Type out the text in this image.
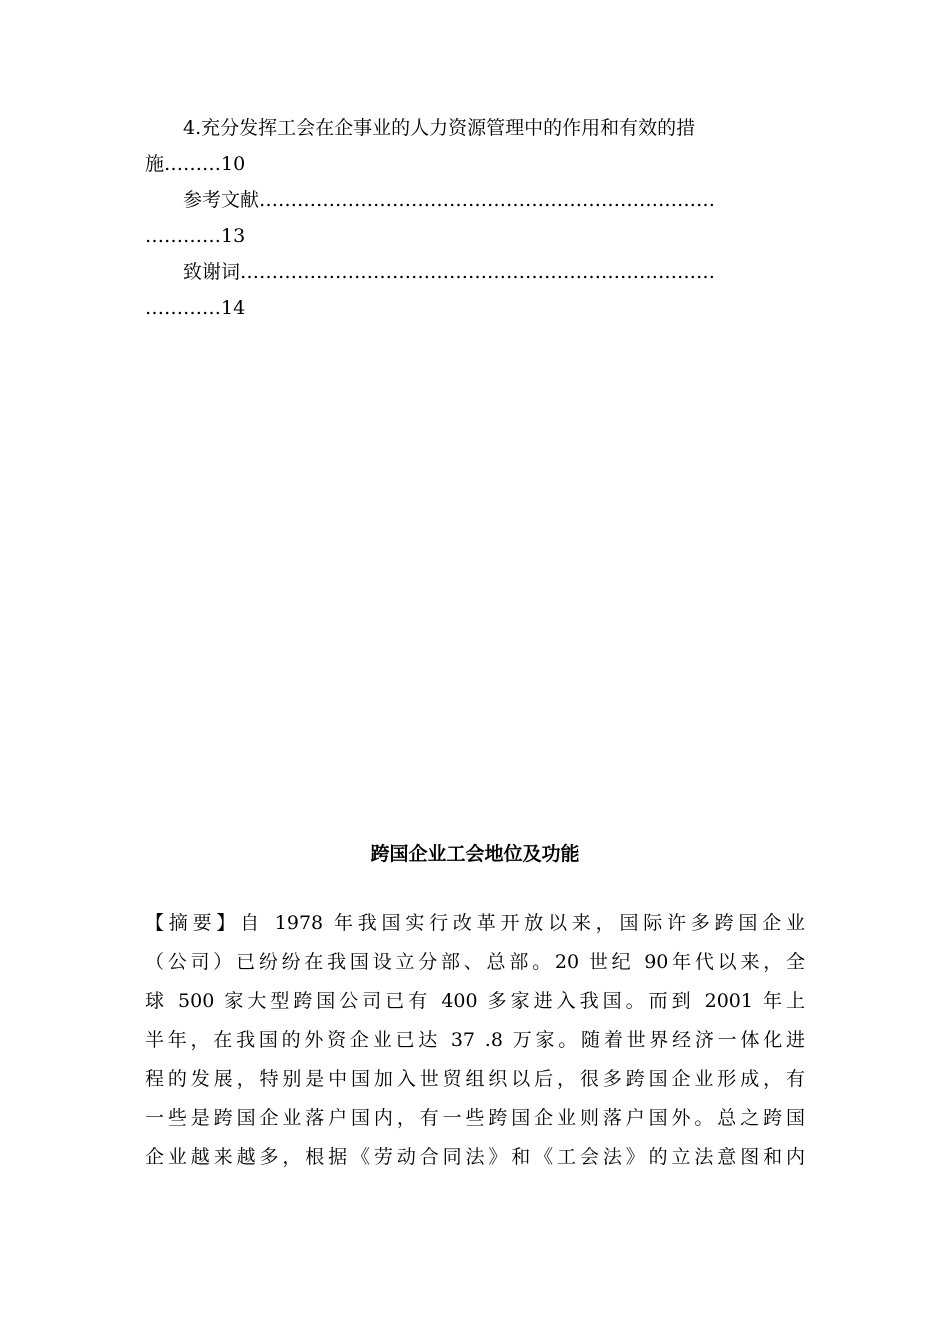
4.充分发挥工会在企事业的人力资源管理中的作用和有效的措

施………10

参考文献………………………………………………………………

…………13

致谢词…………………………………………………………………

…………14

跨国企业工会地位及功能
【摘要】自 1978 年我国实行改革开放以来，国际许多跨国企业
（公司）已纷纷在我国设立分部、总部。20 世纪 90年代以来，全
球 500 家大型跨国公司已有 400 多家进入我国。而到 2001 年上
半年，在我国的外资企业已达 37 .8 万家。随着世界经济一体化进
程的发展，特别是中国加入世贸组织以后，很多跨国企业形成，有
一些是跨国企业落户国内，有一些跨国企业则落户国外。总之跨国
企业越来越多，根据《劳动合同法》和《工会法》的立法意图和内
